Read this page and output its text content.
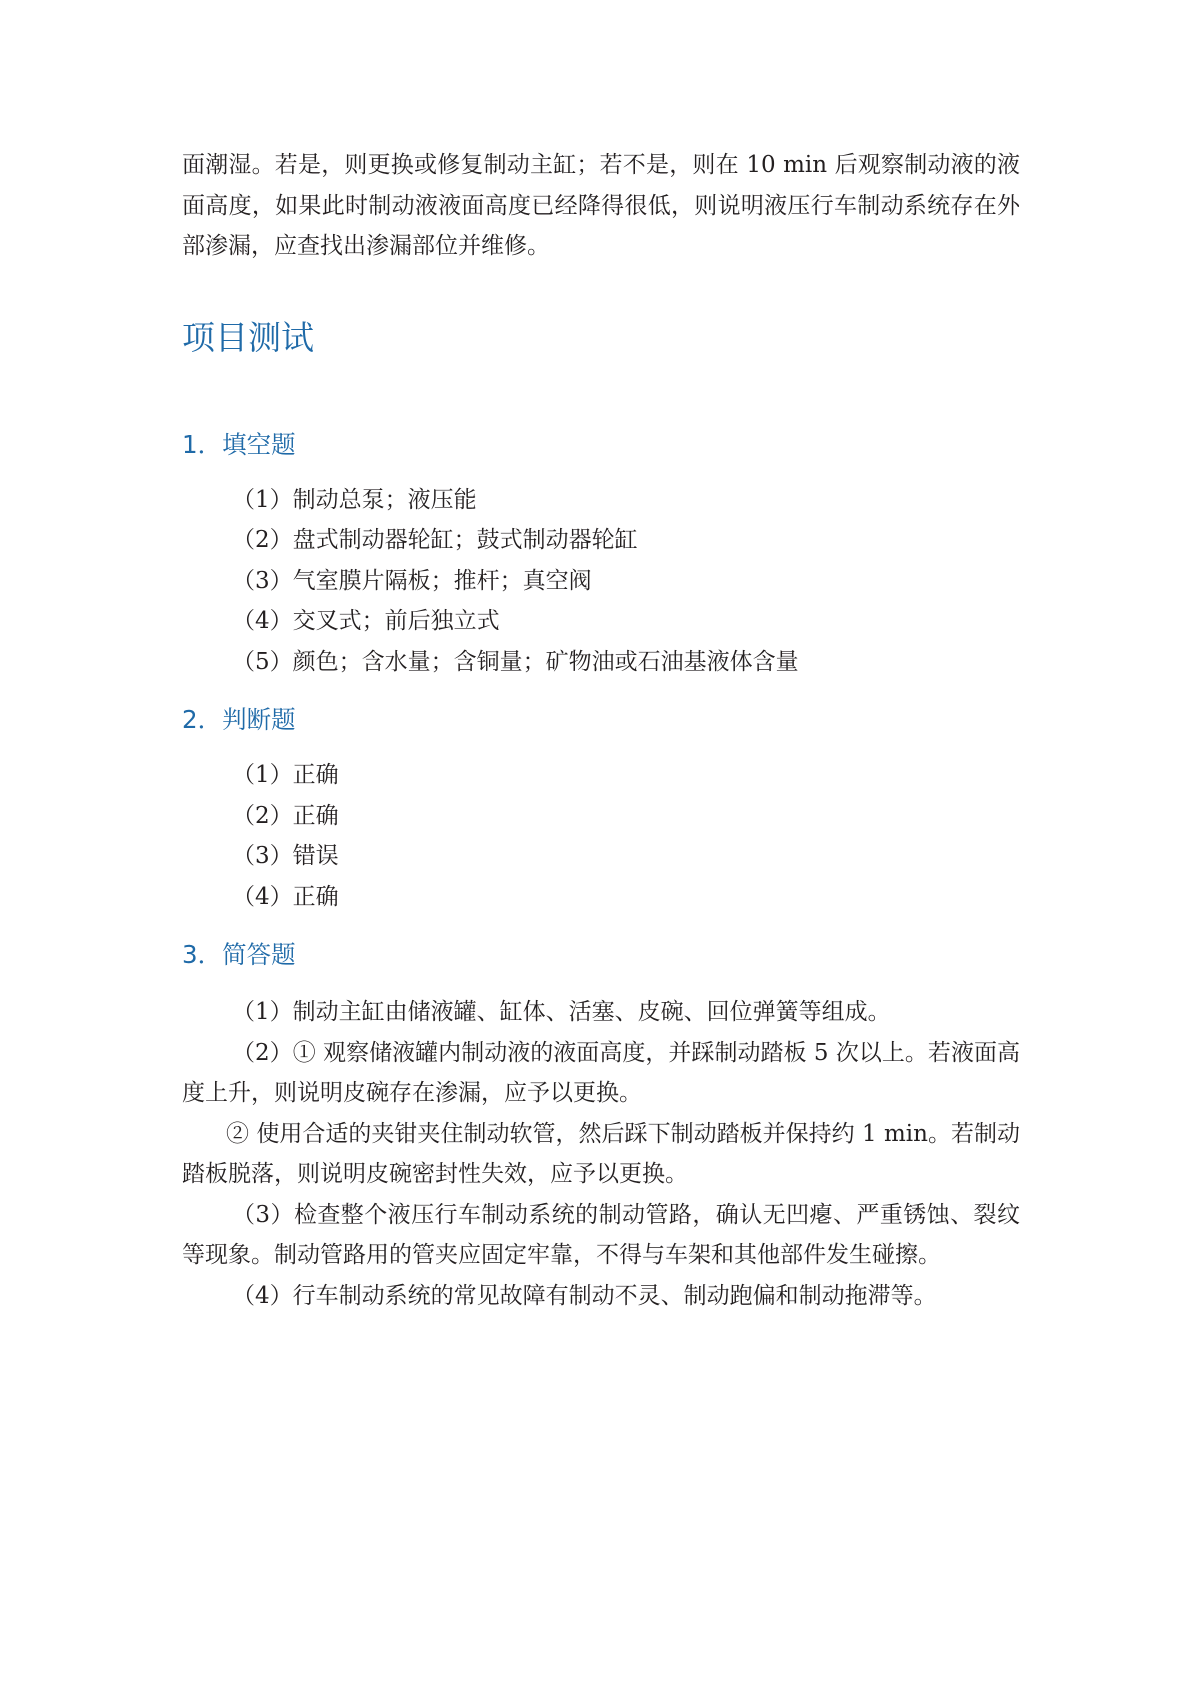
面潮湿。若是，则更换或修复制动主缸；若不是，则在 10 min 后观察制动液的液面高度，如果此时制动液液面高度已经降得很低，则说明液压行车制动系统存在外部渗漏，应查找出渗漏部位并维修。

项目测试
1．填空题
（1）制动总泵；液压能
（2）盘式制动器轮缸；鼓式制动器轮缸
（3）气室膜片隔板；推杆；真空阀
（4）交叉式；前后独立式
（5）颜色；含水量；含铜量；矿物油或石油基液体含量
2．判断题
（1）正确
（2）正确
（3）错误
（4）正确
3．简答题

（1）制动主缸由储液罐、缸体、活塞、皮碗、回位弹簧等组成。

（2）① 观察储液罐内制动液的液面高度，并踩制动踏板 5 次以上。若液面高度上升，则说明皮碗存在渗漏，应予以更换。

② 使用合适的夹钳夹住制动软管，然后踩下制动踏板并保持约 1 min。若制动踏板脱落，则说明皮碗密封性失效，应予以更换。

（3）检查整个液压行车制动系统的制动管路，确认无凹瘪、严重锈蚀、裂纹等现象。制动管路用的管夹应固定牢靠，不得与车架和其他部件发生碰擦。

（4）行车制动系统的常见故障有制动不灵、制动跑偏和制动拖滞等。
